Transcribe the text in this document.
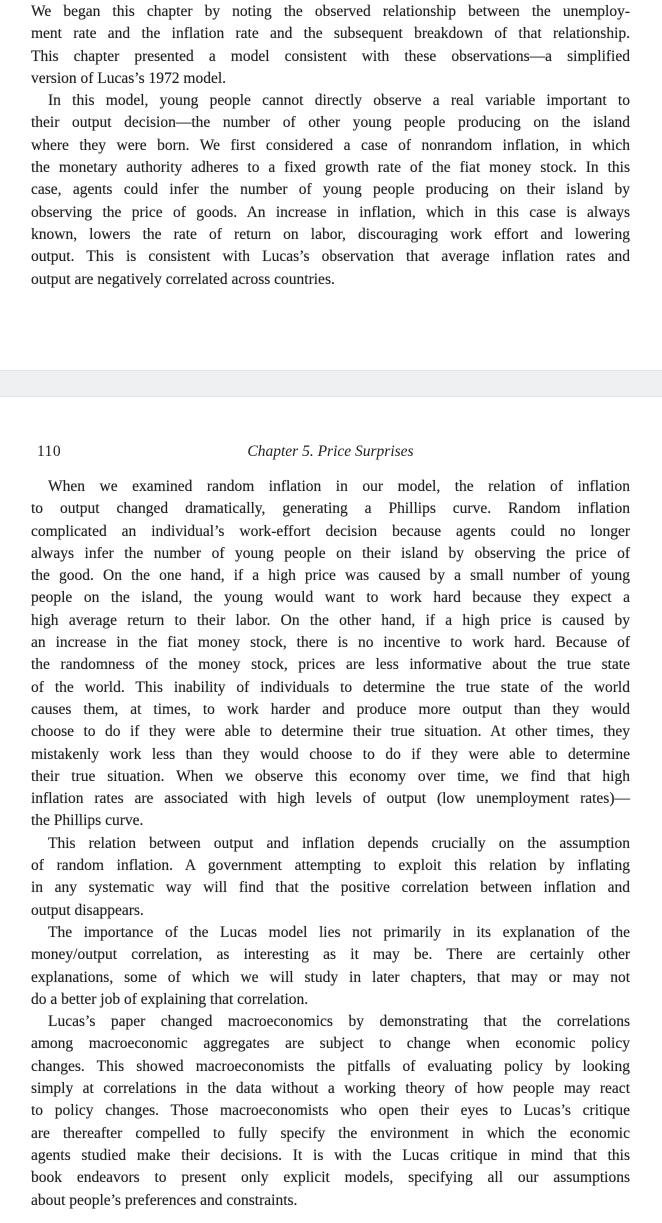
We began this chapter by noting the observed relationship between the unemploy-
ment rate and the inflation rate and the subsequent breakdown of that relationship.
This chapter presented a model consistent with these observations—a simplified
version of Lucas’s 1972 model.
In this model, young people cannot directly observe a real variable important to
their output decision—the number of other young people producing on the island
where they were born. We first considered a case of nonrandom inflation, in which
the monetary authority adheres to a fixed growth rate of the fiat money stock. In this
case, agents could infer the number of young people producing on their island by
observing the price of goods. An increase in inflation, which in this case is always
known, lowers the rate of return on labor, discouraging work effort and lowering
output. This is consistent with Lucas’s observation that average inflation rates and
output are negatively correlated across countries.
110	Chapter 5. Price Surprises
When we examined random inflation in our model, the relation of inflation
to output changed dramatically, generating a Phillips curve. Random inflation
complicated an individual’s work-effort decision because agents could no longer
always infer the number of young people on their island by observing the price of
the good. On the one hand, if a high price was caused by a small number of young
people on the island, the young would want to work hard because they expect a
high average return to their labor. On the other hand, if a high price is caused by
an increase in the fiat money stock, there is no incentive to work hard. Because of
the randomness of the money stock, prices are less informative about the true state
of the world. This inability of individuals to determine the true state of the world
causes them, at times, to work harder and produce more output than they would
choose to do if they were able to determine their true situation. At other times, they
mistakenly work less than they would choose to do if they were able to determine
their true situation. When we observe this economy over time, we find that high
inflation rates are associated with high levels of output (low unemployment rates)—
the Phillips curve.
This relation between output and inflation depends crucially on the assumption
of random inflation. A government attempting to exploit this relation by inflating
in any systematic way will find that the positive correlation between inflation and
output disappears.
The importance of the Lucas model lies not primarily in its explanation of the
money/output correlation, as interesting as it may be. There are certainly other
explanations, some of which we will study in later chapters, that may or may not
do a better job of explaining that correlation.
Lucas’s paper changed macroeconomics by demonstrating that the correlations
among macroeconomic aggregates are subject to change when economic policy
changes. This showed macroeconomists the pitfalls of evaluating policy by looking
simply at correlations in the data without a working theory of how people may react
to policy changes. Those macroeconomists who open their eyes to Lucas’s critique
are thereafter compelled to fully specify the environment in which the economic
agents studied make their decisions. It is with the Lucas critique in mind that this
book endeavors to present only explicit models, specifying all our assumptions
about people’s preferences and constraints.
